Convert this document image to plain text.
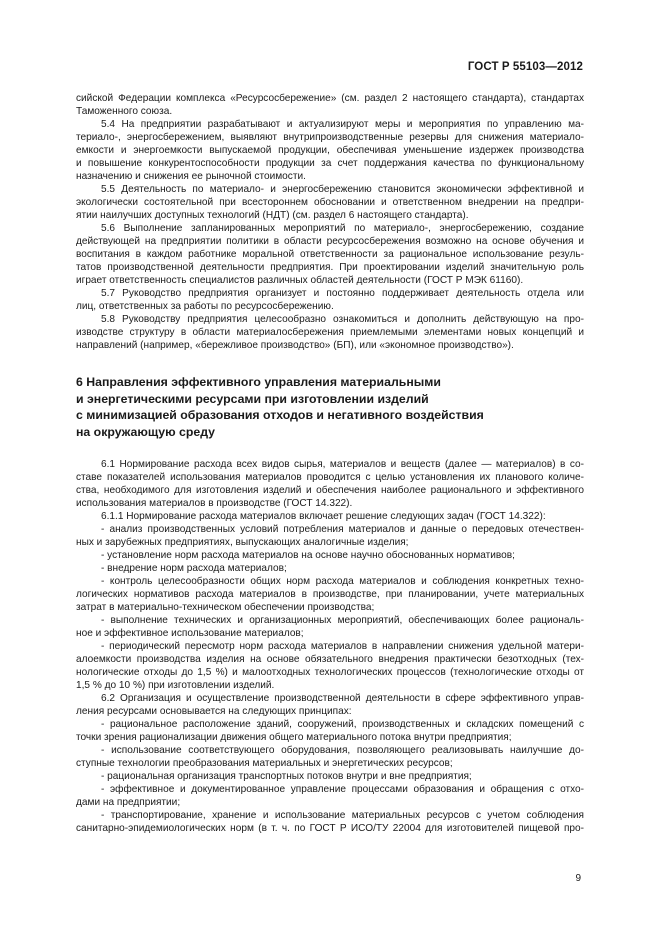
ГОСТ Р 55103—2012
сийской Федерации комплекса «Ресурсосбережение» (см. раздел 2 настоящего стандарта), стандартах
Таможенного союза.
5.4 На предприятии разрабатывают и актуализируют меры и мероприятия по управлению ма-
териало-, энергосбережением, выявляют внутрипроизводственные резервы для снижения материало-
емкости и энергоемкости выпускаемой продукции, обеспечивая уменьшение издержек производства
и повышение конкурентоспособности продукции за счет поддержания качества по функциональному
назначению и снижения ее рыночной стоимости.
5.5 Деятельность по материало- и энергосбережению становится экономически эффективной и
экологически состоятельной при всестороннем обосновании и ответственном внедрении на предпри-
ятии наилучших доступных технологий (НДТ) (см. раздел 6 настоящего стандарта).
5.6 Выполнение запланированных мероприятий по материало-, энергосбережению, создание
действующей на предприятии политики в области ресурсосбережения возможно на основе обучения и
воспитания в каждом работнике моральной ответственности за рациональное использование резуль-
татов производственной деятельности предприятия. При проектировании изделий значительную роль
играет ответственность специалистов различных областей деятельности (ГОСТ Р МЭК 61160).
5.7 Руководство предприятия организует и постоянно поддерживает деятельность отдела или
лиц, ответственных за работы по ресурсосбережению.
5.8 Руководству предприятия целесообразно ознакомиться и дополнить действующую на про-
изводстве структуру в области материалосбережения приемлемыми элементами новых концепций и
направлений (например, «бережливое производство» (БП), или «экономное производство»).
6 Направления эффективного управления материальными
и энергетическими ресурсами при изготовлении изделий
с минимизацией образования отходов и негативного воздействия
на окружающую среду
6.1 Нормирование расхода всех видов сырья, материалов и веществ (далее — материалов) в со-
ставе показателей использования материалов проводится с целью установления их планового количе-
ства, необходимого для изготовления изделий и обеспечения наиболее рационального и эффективного
использования материалов в производстве (ГОСТ 14.322).
6.1.1 Нормирование расхода материалов включает решение следующих задач (ГОСТ 14.322):
- анализ производственных условий потребления материалов и данные о передовых отечествен-
ных и зарубежных предприятиях, выпускающих аналогичные изделия;
- установление норм расхода материалов на основе научно обоснованных нормативов;
- внедрение норм расхода материалов;
- контроль целесообразности общих норм расхода материалов и соблюдения конкретных техно-
логических нормативов расхода материалов в производстве, при планировании, учете материальных
затрат в материально-техническом обеспечении производства;
- выполнение технических и организационных мероприятий, обеспечивающих более рациональ-
ное и эффективное использование материалов;
- периодический пересмотр норм расхода материалов в направлении снижения удельной матери-
алоемкости производства изделия на основе обязательного внедрения практически безотходных (тех-
нологические отходы до 1,5 %) и малоотходных технологических процессов (технологические отходы от
1,5 % до 10 %) при изготовлении изделий.
6.2 Организация и осуществление производственной деятельности в сфере эффективного управ-
ления ресурсами основывается на следующих принципах:
- рациональное расположение зданий, сооружений, производственных и складских помещений с
точки зрения рационализации движения общего материального потока внутри предприятия;
- использование соответствующего оборудования, позволяющего реализовывать наилучшие до-
ступные технологии преобразования материальных и энергетических ресурсов;
- рациональная организация транспортных потоков внутри и вне предприятия;
- эффективное и документированное управление процессами образования и обращения с отхо-
дами на предприятии;
- транспортирование, хранение и использование материальных ресурсов с учетом соблюдения
санитарно-эпидемиологических норм (в т. ч. по ГОСТ Р ИСО/ТУ 22004 для изготовителей пищевой про-
9
